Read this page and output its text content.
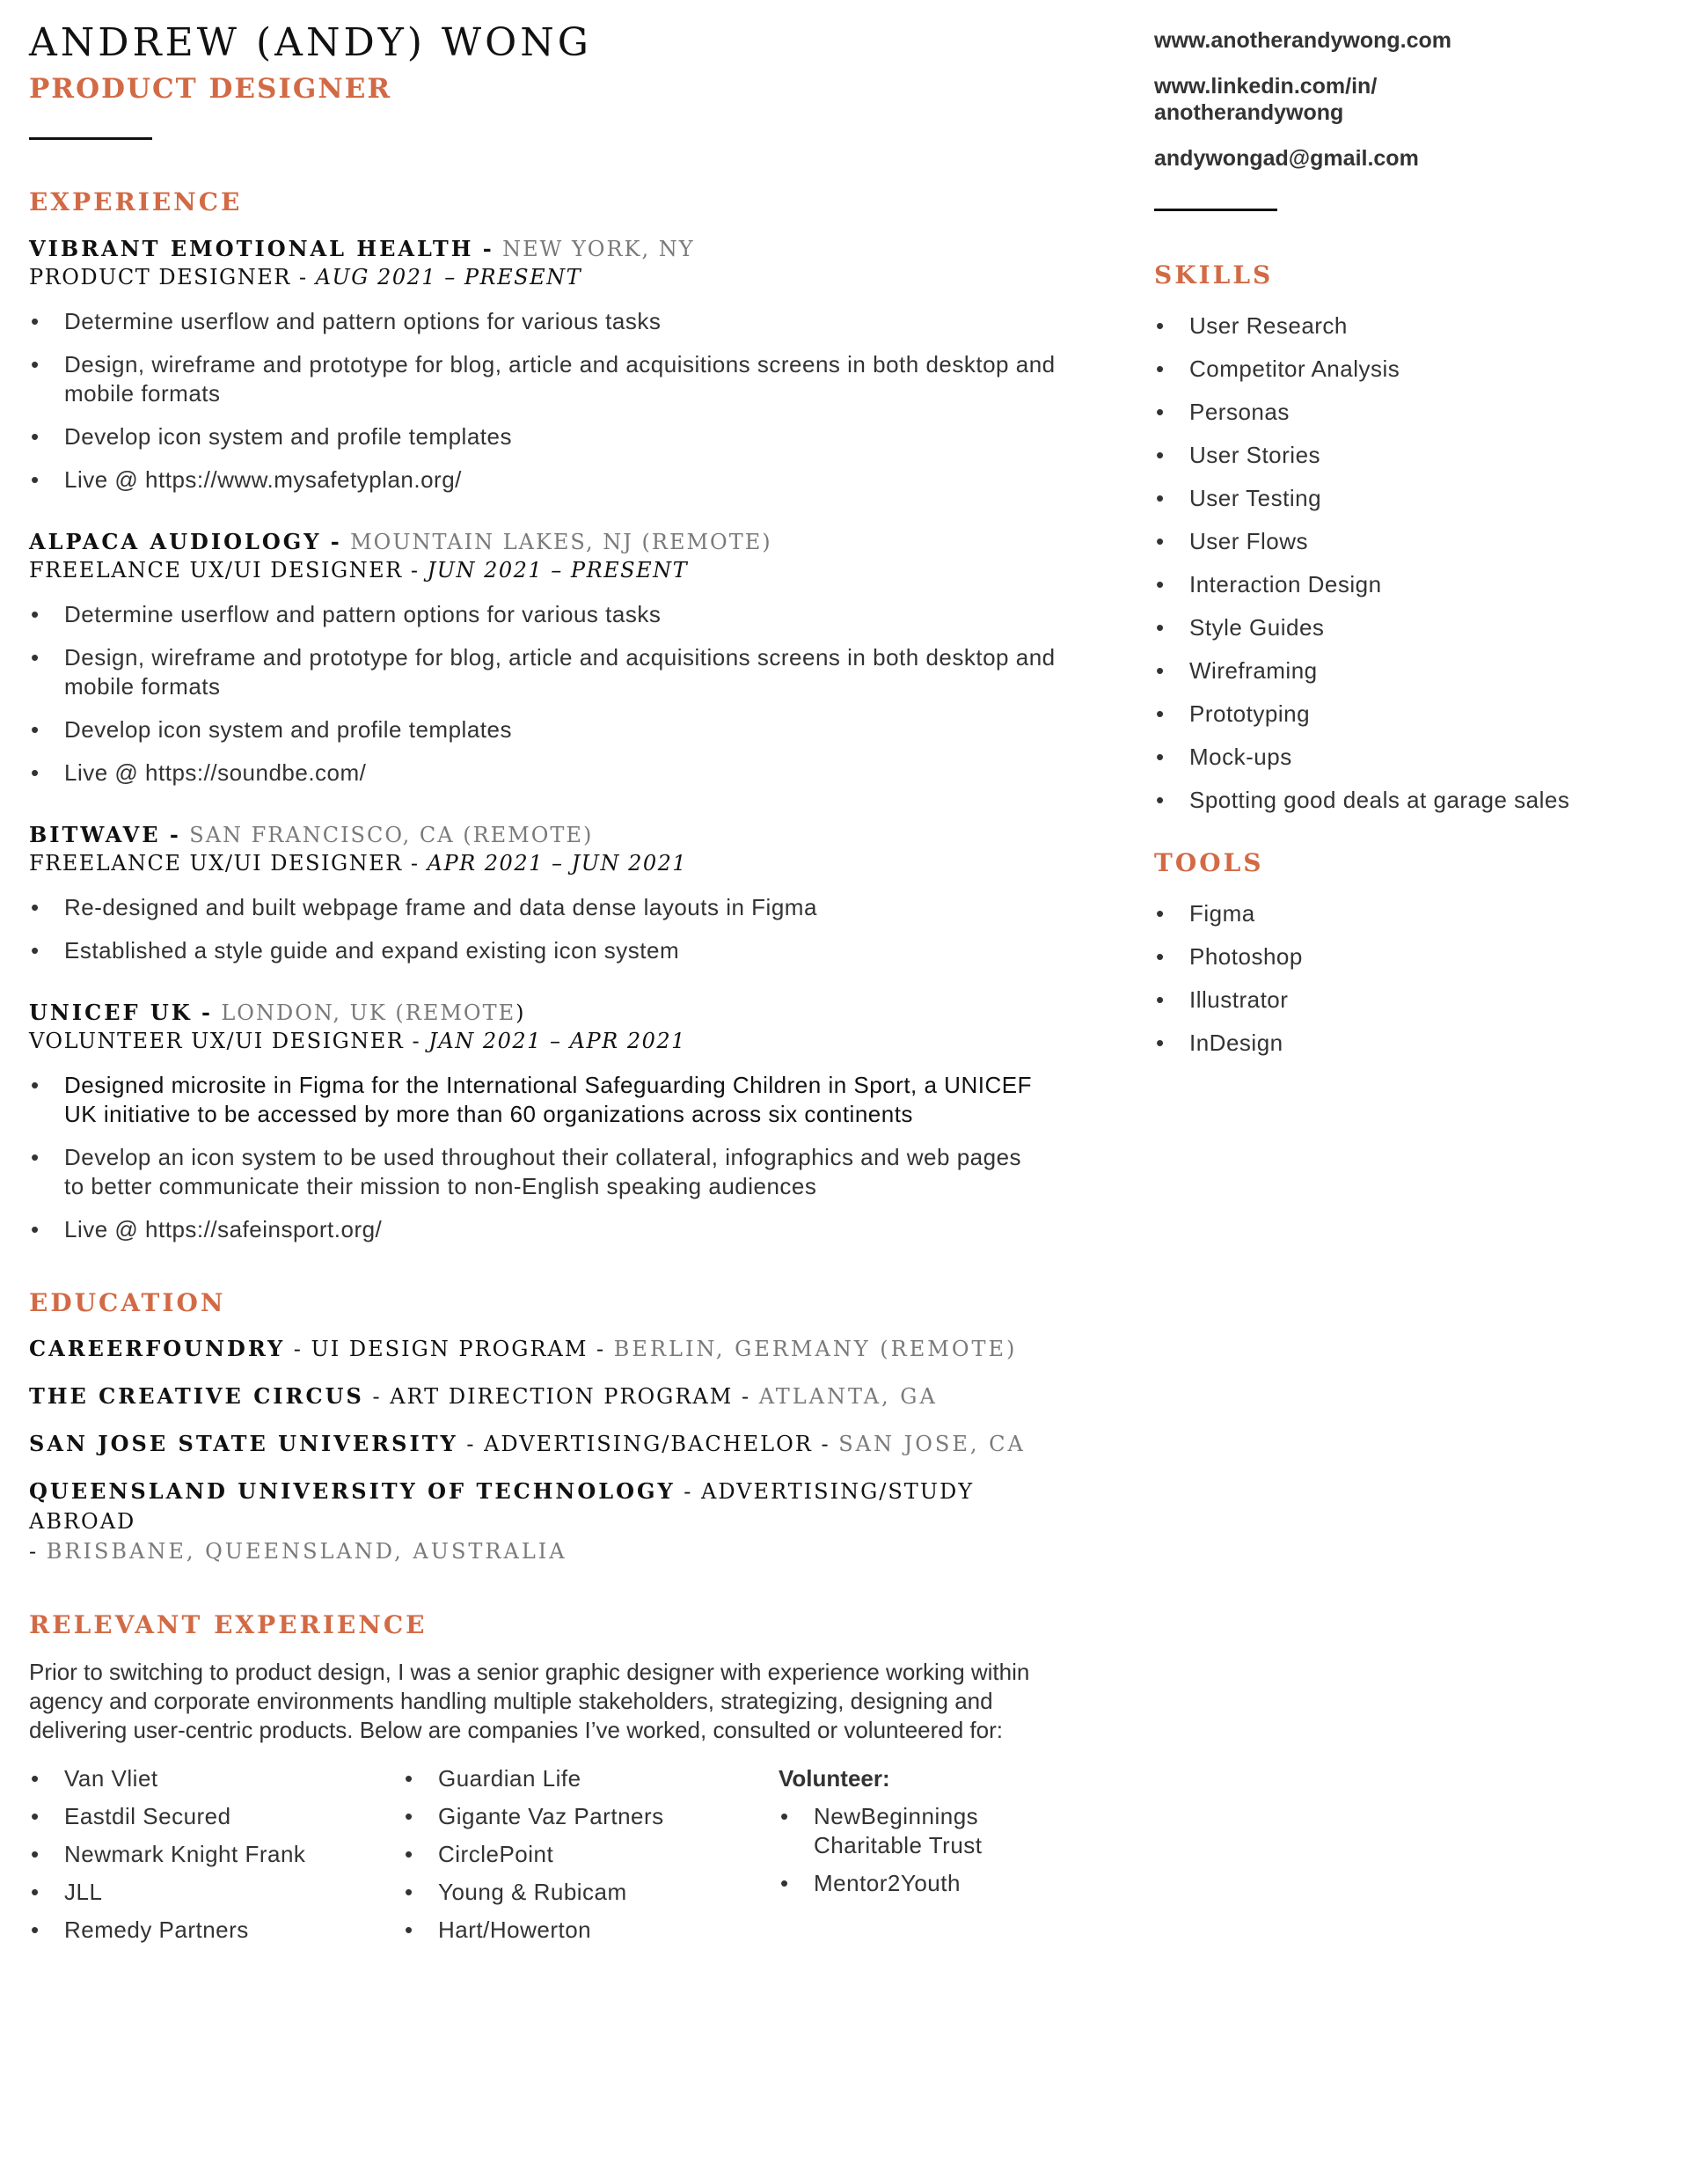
ANDREW (ANDY) WONG
PRODUCT DESIGNER
EXPERIENCE
VIBRANT EMOTIONAL HEALTH - NEW YORK, NY
PRODUCT DESIGNER - AUG 2021 – PRESENT
• Determine userflow and pattern options for various tasks
• Design, wireframe and prototype for blog, article and acquisitions screens in both desktop and mobile formats
• Develop icon system and profile templates
• Live @ https://www.mysafetyplan.org/
ALPACA AUDIOLOGY - MOUNTAIN LAKES, NJ (REMOTE)
FREELANCE UX/UI DESIGNER - JUN 2021 – PRESENT
• Determine userflow and pattern options for various tasks
• Design, wireframe and prototype for blog, article and acquisitions screens in both desktop and mobile formats
• Develop icon system and profile templates
• Live @ https://soundbe.com/
BITWAVE - SAN FRANCISCO, CA (REMOTE)
FREELANCE UX/UI DESIGNER - APR 2021 – JUN 2021
• Re-designed and built webpage frame and data dense layouts in Figma
• Established a style guide and expand existing icon system
UNICEF UK - LONDON, UK (REMOTE)
VOLUNTEER UX/UI DESIGNER - JAN 2021 – APR 2021
• Designed microsite in Figma for the International Safeguarding Children in Sport, a UNICEF UK initiative to be accessed by more than 60 organizations across six continents
• Develop an icon system to be used throughout their collateral, infographics and web pages to better communicate their mission to non-English speaking audiences
• Live @ https://safeinsport.org/
EDUCATION
CAREERFOUNDRY - UI DESIGN PROGRAM - BERLIN, GERMANY (REMOTE)
THE CREATIVE CIRCUS - ART DIRECTION PROGRAM - ATLANTA, GA
SAN JOSE STATE UNIVERSITY - ADVERTISING/BACHELOR - SAN JOSE, CA
QUEENSLAND UNIVERSITY OF TECHNOLOGY - ADVERTISING/STUDY ABROAD
- BRISBANE, QUEENSLAND, AUSTRALIA
RELEVANT EXPERIENCE
Prior to switching to product design, I was a senior graphic designer with experience working within agency and corporate environments handling multiple stakeholders, strategizing, designing and delivering user-centric products. Below are companies I’ve worked, consulted or volunteered for:
• Van Vliet
• Eastdil Secured
• Newmark Knight Frank
• JLL
• Remedy Partners
• Guardian Life
• Gigante Vaz Partners
• CirclePoint
• Young & Rubicam
• Hart/Howerton
Volunteer:
• NewBeginnings Charitable Trust
• Mentor2Youth
www.anotherandywong.com
www.linkedin.com/in/
anotherandywong
andywongad@gmail.com
SKILLS
• User Research
• Competitor Analysis
• Personas
• User Stories
• User Testing
• User Flows
• Interaction Design
• Style Guides
• Wireframing
• Prototyping
• Mock-ups
• Spotting good deals at garage sales
TOOLS
• Figma
• Photoshop
• Illustrator
• InDesign
